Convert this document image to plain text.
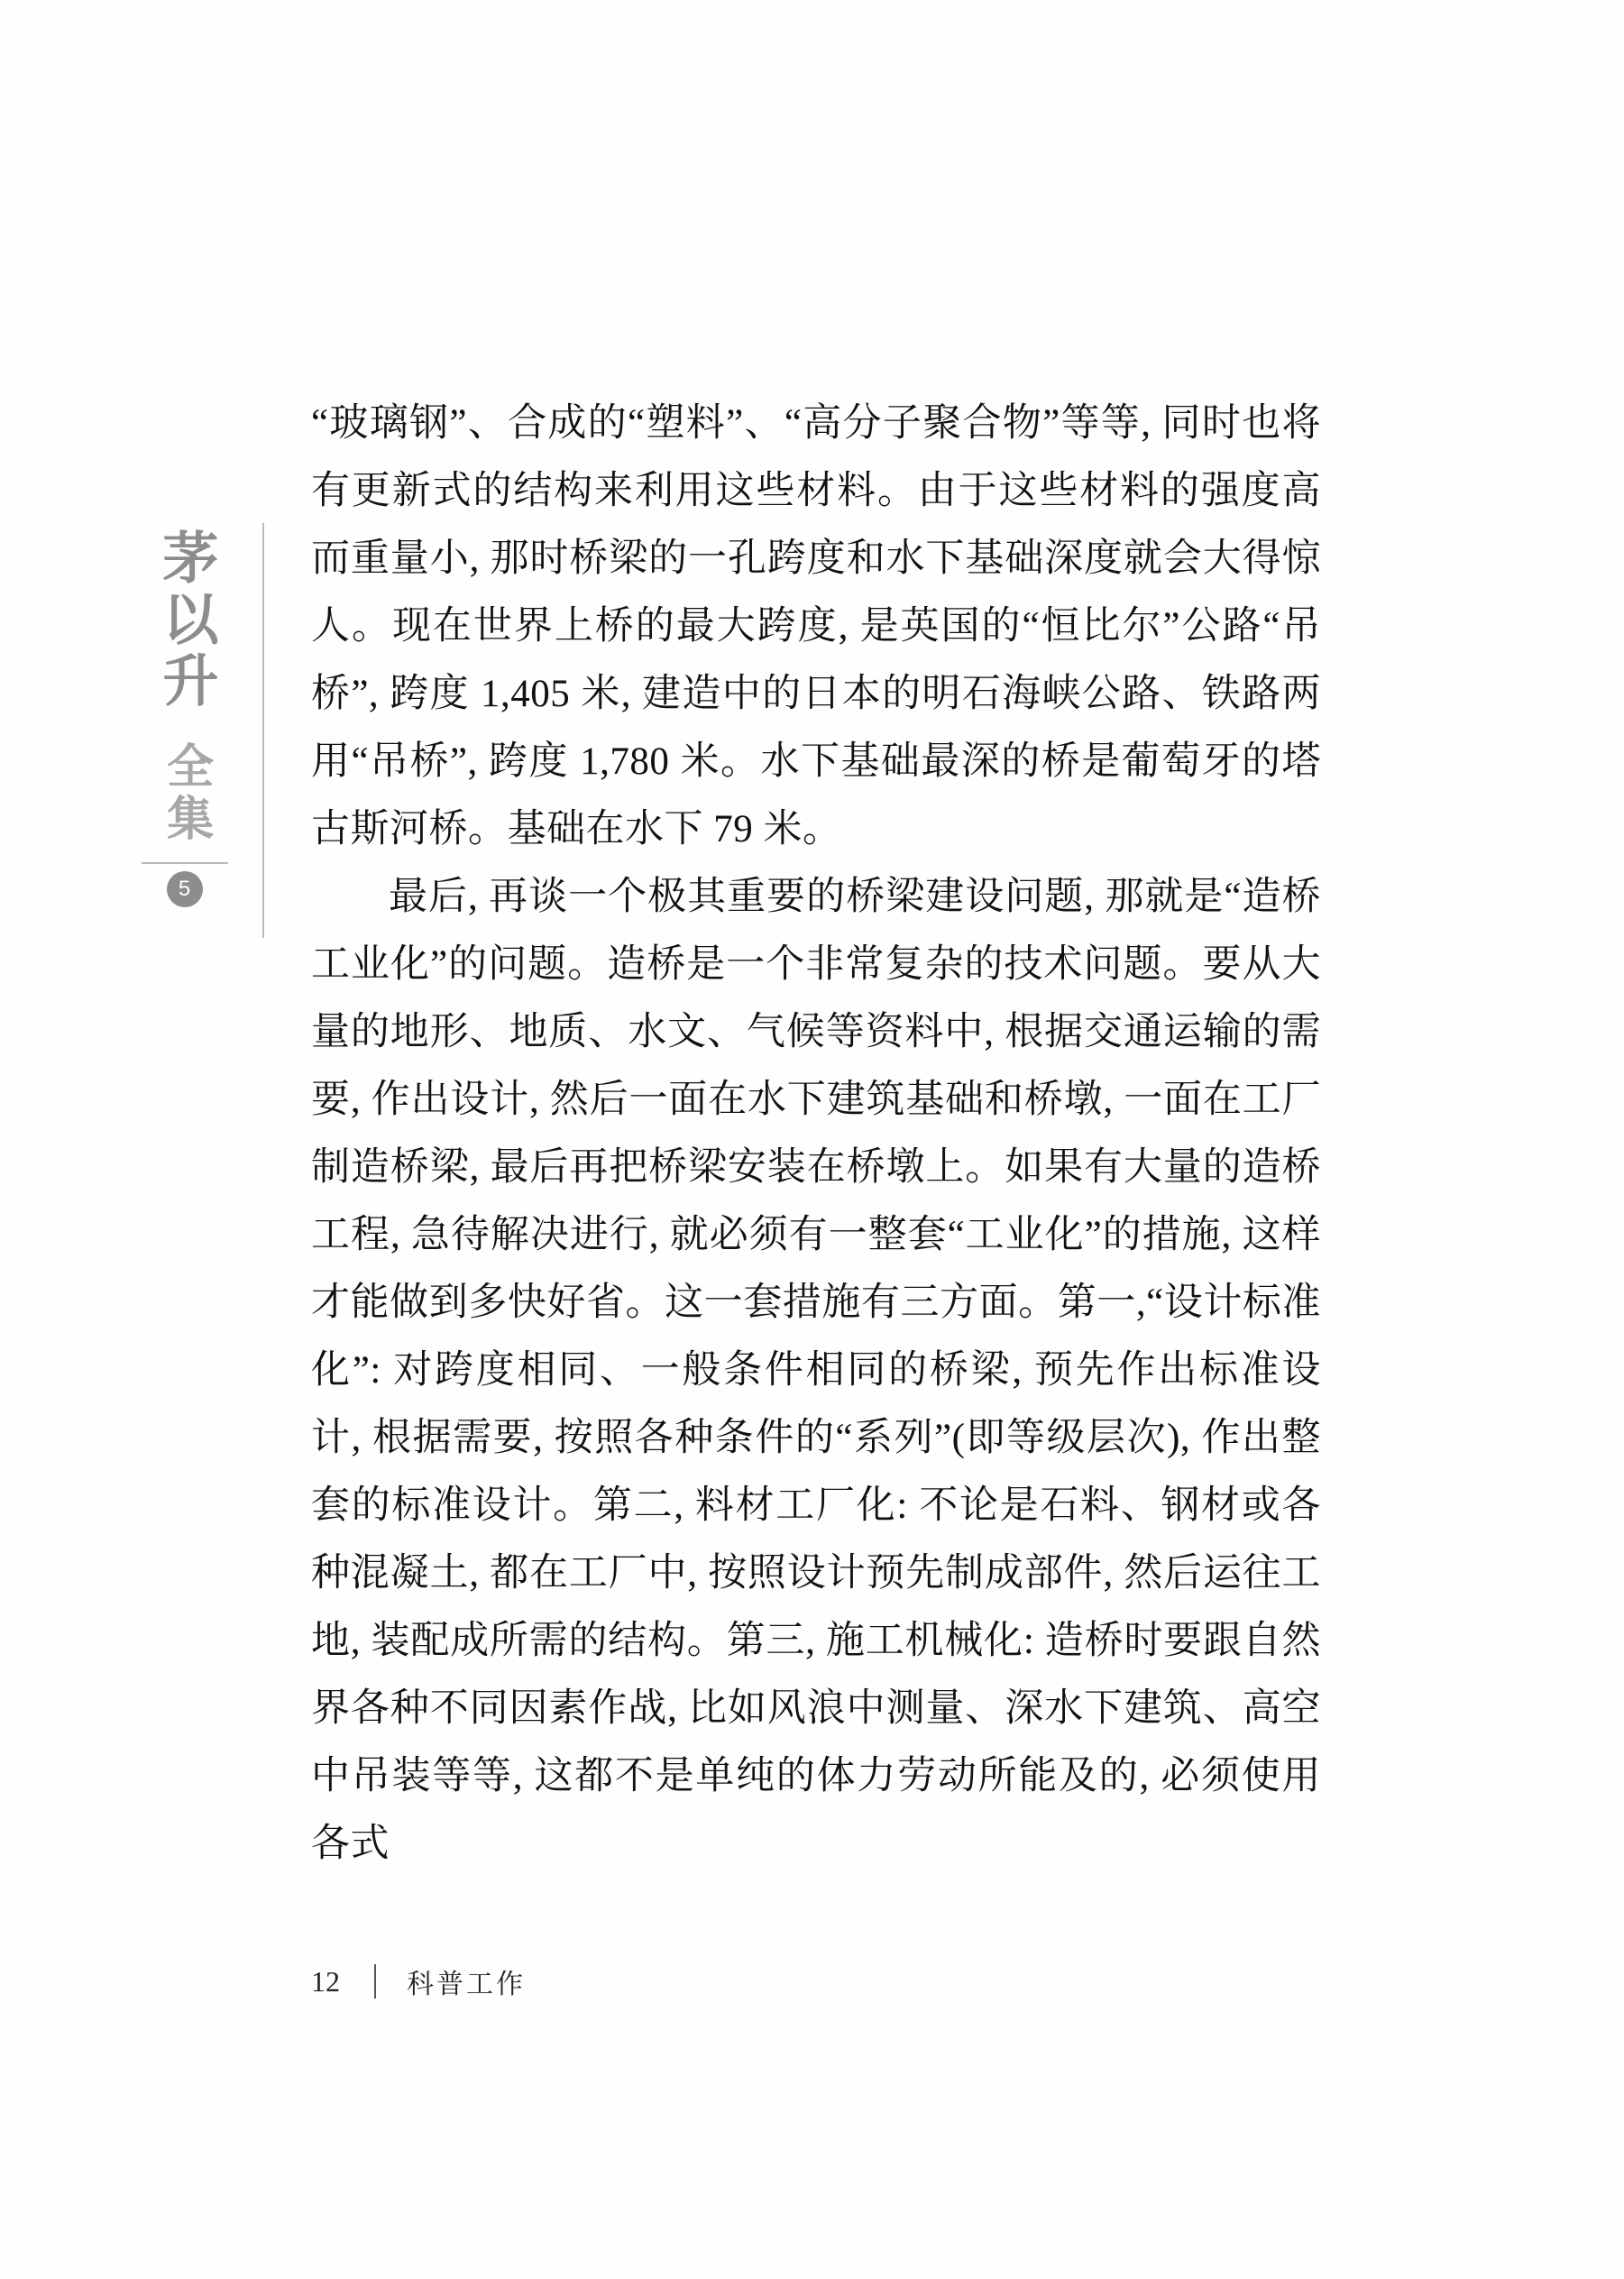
茅以升
全集
5

“玻璃钢”、合成的“塑料”、“高分子聚合物”等等, 同时也将有更新式的结构来利用这些材料。由于这些材料的强度高而重量小, 那时桥梁的一孔跨度和水下基础深度就会大得惊人。现在世界上桥的最大跨度, 是英国的“恒比尔”公路“吊桥”, 跨度 1,405 米, 建造中的日本的明石海峡公路、铁路两用“吊桥”, 跨度 1,780 米。水下基础最深的桥是葡萄牙的塔古斯河桥。基础在水下 79 米。

最后, 再谈一个极其重要的桥梁建设问题, 那就是“造桥工业化”的问题。造桥是一个非常复杂的技术问题。要从大量的地形、地质、水文、气候等资料中, 根据交通运输的需要, 作出设计, 然后一面在水下建筑基础和桥墩, 一面在工厂制造桥梁, 最后再把桥梁安装在桥墩上。如果有大量的造桥工程, 急待解决进行, 就必须有一整套“工业化”的措施, 这样才能做到多快好省。这一套措施有三方面。第一,“设计标准化”: 对跨度相同、一般条件相同的桥梁, 预先作出标准设计, 根据需要, 按照各种条件的“系列”(即等级层次), 作出整套的标准设计。第二, 料材工厂化: 不论是石料、钢材或各种混凝土, 都在工厂中, 按照设计预先制成部件, 然后运往工地, 装配成所需的结构。第三, 施工机械化: 造桥时要跟自然界各种不同因素作战, 比如风浪中测量、深水下建筑、高空中吊装等等, 这都不是单纯的体力劳动所能及的, 必须使用各式

12	科普工作
